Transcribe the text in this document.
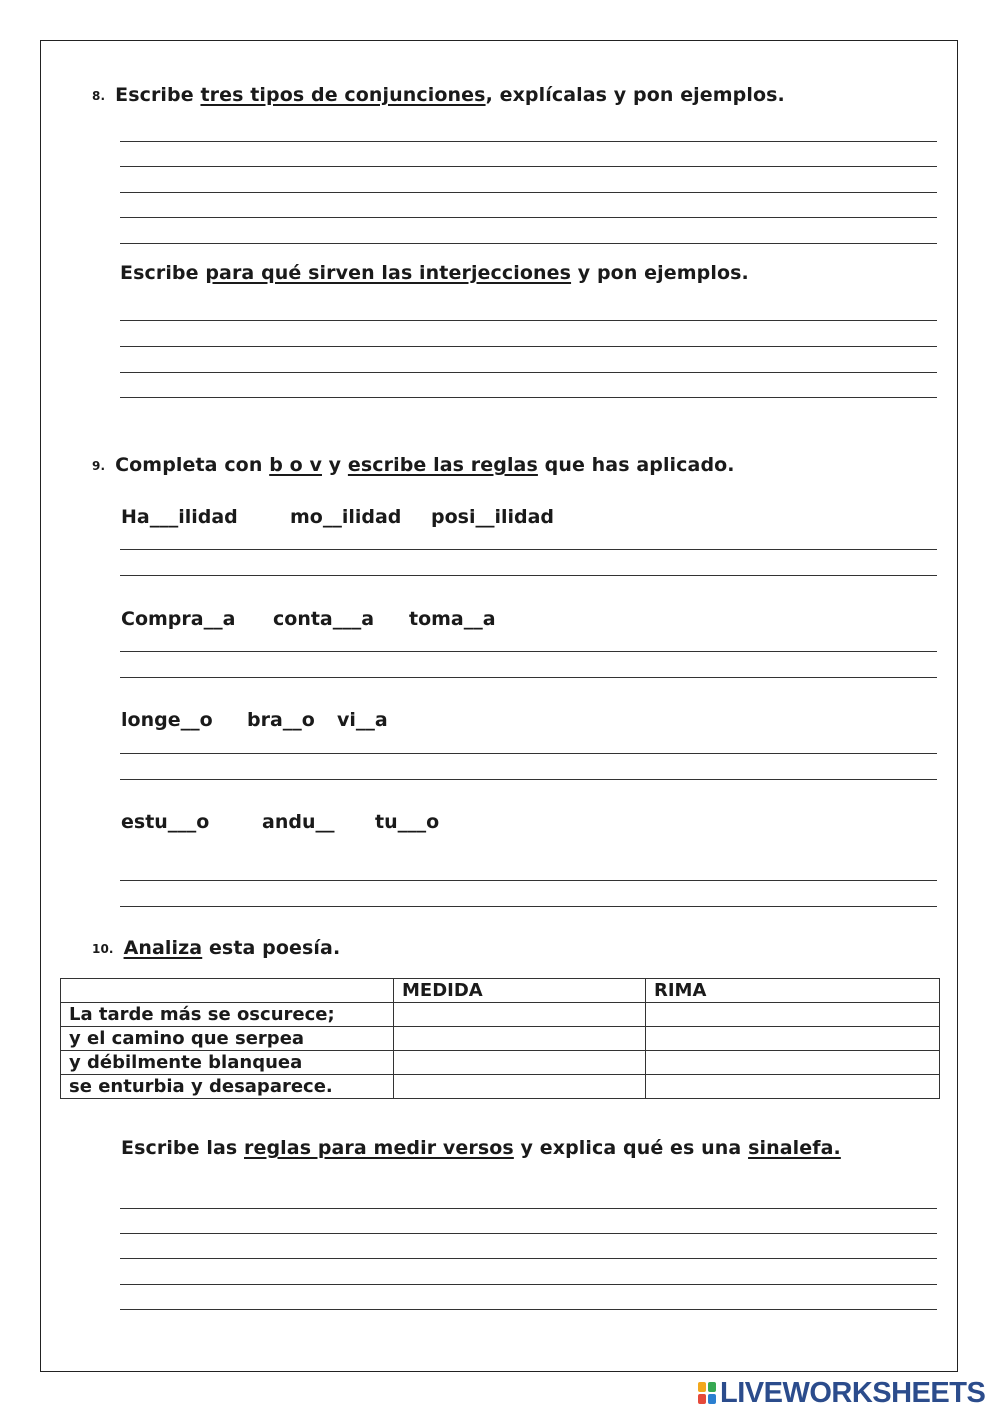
8. Escribe tres tipos de conjunciones, explícalas y pon ejemplos.
Escribe para qué sirven las interjecciones y pon ejemplos.
9. Completa con b o v y escribe las reglas que has aplicado.
Ha___ilidad	mo__ilidad posi__ilidad
Compra__a conta___a toma__a
longe__o bra__o vi__a
estu___o	andu__ tu___o
10. Analiza esta poesía.
	MEDIDA	RIMA
La tarde más se oscurece;		
y el camino que serpea		
y débilmente blanquea		
se enturbia y desaparece.		
Escribe las reglas para medir versos y explica qué es una sinalefa.
LIVEWORKSHEETS
